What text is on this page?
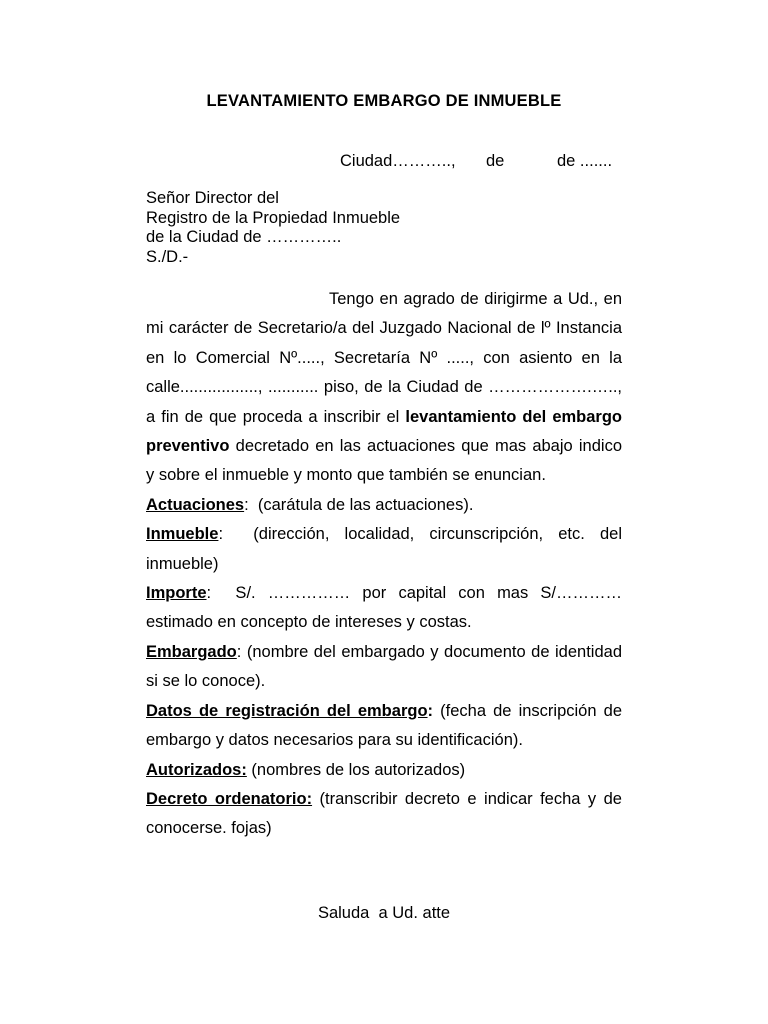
LEVANTAMIENTO EMBARGO DE INMUEBLE
Ciudad……….., de	de .......
Señor Director del
Registro de la Propiedad Inmueble
de la Ciudad de …………..
S./D.-

Tengo en agrado de dirigirme a Ud., en mi carácter de Secretario/a del Juzgado Nacional de lº Instancia en lo Comercial Nº....., Secretaría Nº ....., con asiento en la calle................., ........... piso, de la Ciudad de ……………….….., a fin de que proceda a inscribir el levantamiento del embargo preventivo decretado en las actuaciones que mas abajo indico y sobre el inmueble y monto que también se enuncian.

Actuaciones:  (carátula de las actuaciones).

Inmueble:  (dirección, localidad, circunscripción, etc. del inmueble)

Importe:  S/. …………… por capital con mas S/………… estimado en concepto de intereses y costas.

Embargado: (nombre del embargado y documento de identidad si se lo conoce).

Datos de registración del embargo: (fecha de inscripción de embargo y datos necesarios para su identificación).

Autorizados: (nombres de los autorizados)

Decreto ordenatorio: (transcribir decreto e indicar fecha y de conocerse. fojas)

Saluda  a Ud. atte
